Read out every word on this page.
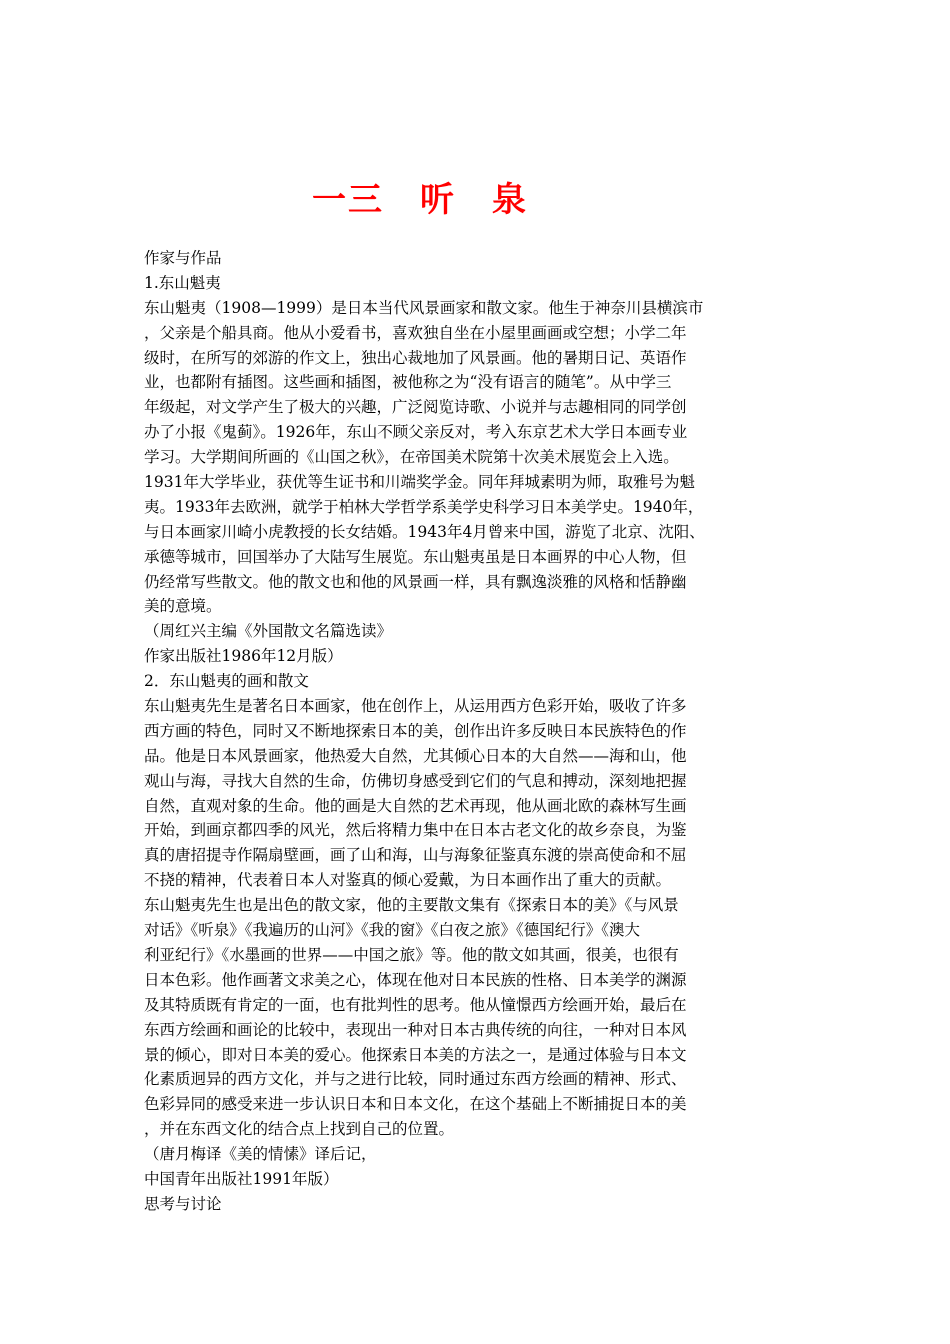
一三　听　泉
作家与作品
1.东山魁夷
东山魁夷（1908—1999）是日本当代风景画家和散文家。他生于神奈川县横滨市
，父亲是个船具商。他从小爱看书，喜欢独自坐在小屋里画画或空想；小学二年
级时，在所写的郊游的作文上，独出心裁地加了风景画。他的暑期日记、英语作
业，也都附有插图。这些画和插图，被他称之为“没有语言的随笔”。从中学三
年级起，对文学产生了极大的兴趣，广泛阅览诗歌、小说并与志趣相同的同学创
办了小报《鬼蓟》。1926年，东山不顾父亲反对，考入东京艺术大学日本画专业
学习。大学期间所画的《山国之秋》，在帝国美术院第十次美术展览会上入选。
1931年大学毕业，获优等生证书和川端奖学金。同年拜城素明为师，取雅号为魁
夷。1933年去欧洲，就学于柏林大学哲学系美学史科学习日本美学史。1940年，
与日本画家川崎小虎教授的长女结婚。1943年4月曾来中国，游览了北京、沈阳、
承德等城市，回国举办了大陆写生展览。东山魁夷虽是日本画界的中心人物，但
仍经常写些散文。他的散文也和他的风景画一样，具有飘逸淡雅的风格和恬静幽
美的意境。
（周红兴主编《外国散文名篇选读》
作家出版社1986年12月版）
2．东山魁夷的画和散文
东山魁夷先生是著名日本画家，他在创作上，从运用西方色彩开始，吸收了许多
西方画的特色，同时又不断地探索日本的美，创作出许多反映日本民族特色的作
品。他是日本风景画家，他热爱大自然，尤其倾心日本的大自然——海和山，他
观山与海，寻找大自然的生命，仿佛切身感受到它们的气息和搏动，深刻地把握
自然，直观对象的生命。他的画是大自然的艺术再现，他从画北欧的森林写生画
开始，到画京都四季的风光，然后将精力集中在日本古老文化的故乡奈良，为鉴
真的唐招提寺作隔扇壁画，画了山和海，山与海象征鉴真东渡的崇高使命和不屈
不挠的精神，代表着日本人对鉴真的倾心爱戴，为日本画作出了重大的贡献。
东山魁夷先生也是出色的散文家，他的主要散文集有《探索日本的美》《与风景
对话》《听泉》《我遍历的山河》《我的窗》《白夜之旅》《德国纪行》《澳大
利亚纪行》《水墨画的世界——中国之旅》等。他的散文如其画，很美，也很有
日本色彩。他作画著文求美之心，体现在他对日本民族的性格、日本美学的渊源
及其特质既有肯定的一面，也有批判性的思考。他从憧憬西方绘画开始，最后在
东西方绘画和画论的比较中，表现出一种对日本古典传统的向往，一种对日本风
景的倾心，即对日本美的爱心。他探索日本美的方法之一，是通过体验与日本文
化素质迥异的西方文化，并与之进行比较，同时通过东西方绘画的精神、形式、
色彩异同的感受来进一步认识日本和日本文化，在这个基础上不断捕捉日本的美
，并在东西文化的结合点上找到自己的位置。
（唐月梅译《美的情愫》译后记，
中国青年出版社1991年版）
思考与讨论
